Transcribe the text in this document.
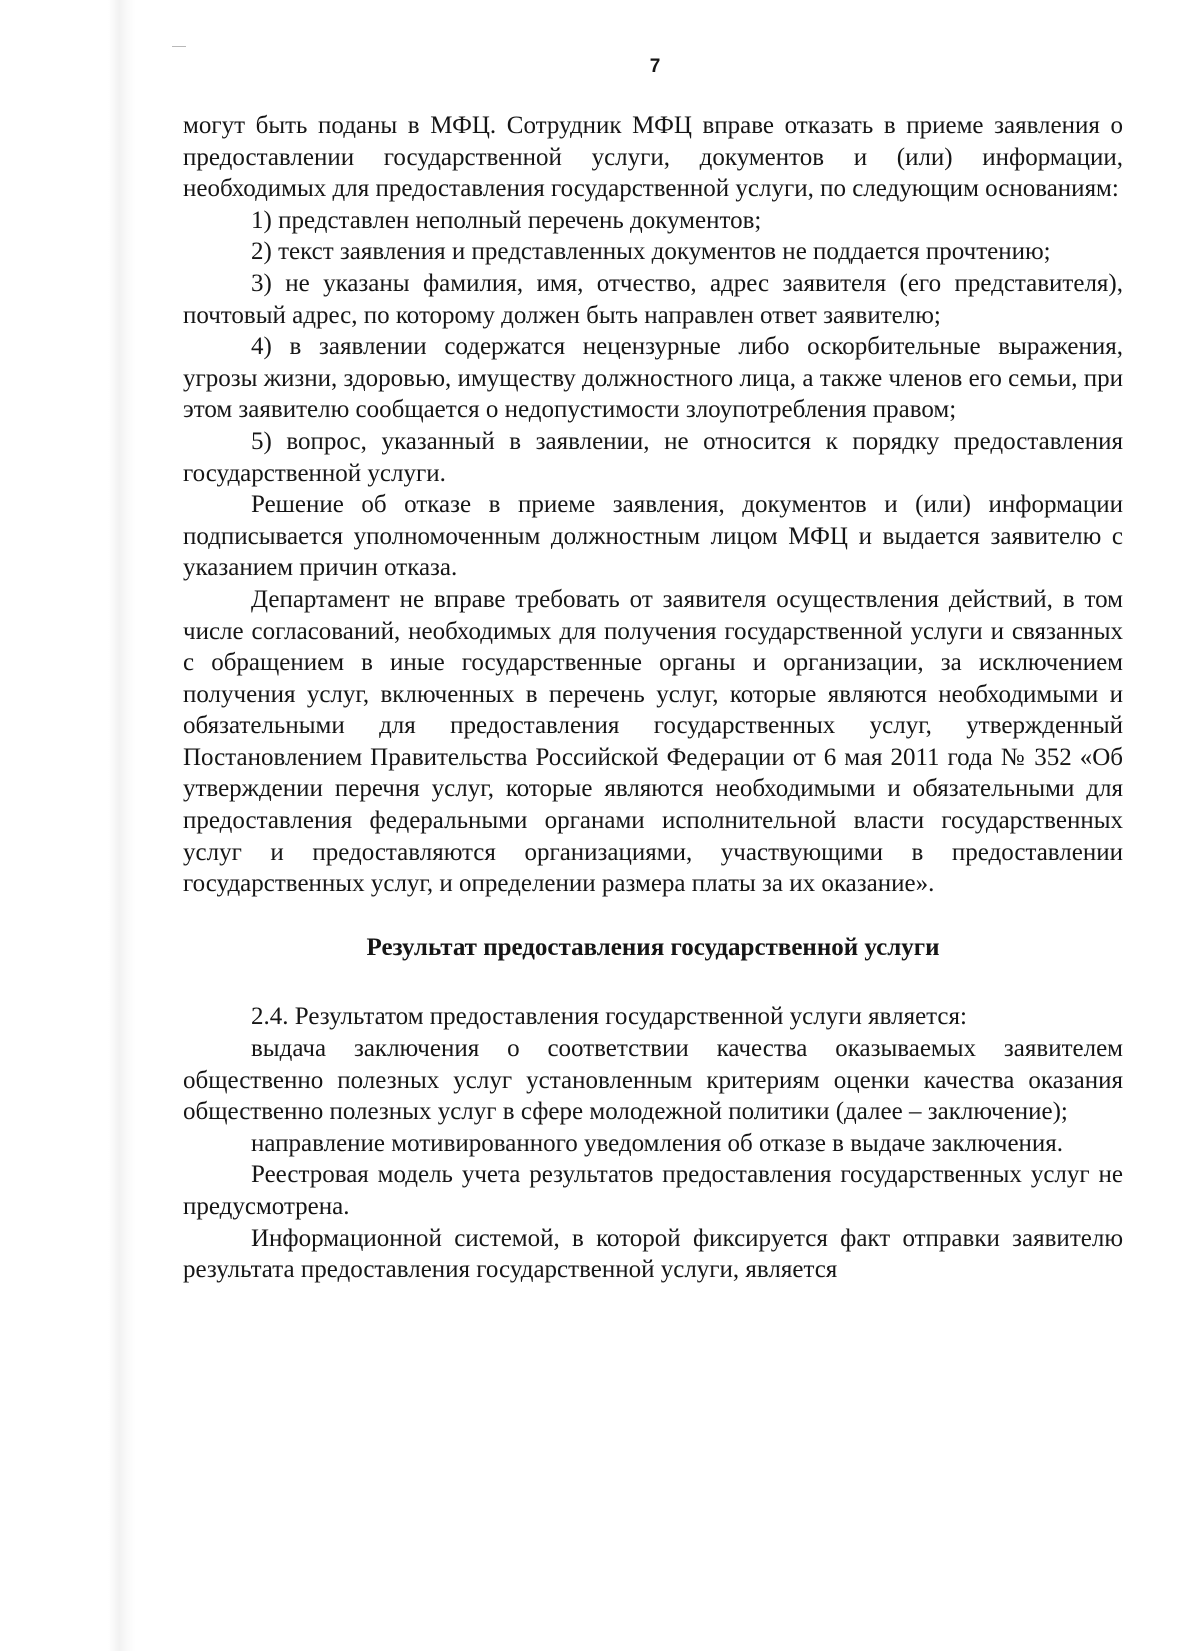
7

могут быть поданы в МФЦ. Сотрудник МФЦ вправе отказать в приеме заявления о предоставлении государственной услуги, документов и (или) информации, необходимых для предоставления государственной услуги, по следующим основаниям:

1) представлен неполный перечень документов;

2) текст заявления и представленных документов не поддается прочтению;

3) не указаны фамилия, имя, отчество, адрес заявителя (его представителя), почтовый адрес, по которому должен быть направлен ответ заявителю;

4) в заявлении содержатся нецензурные либо оскорбительные выражения, угрозы жизни, здоровью, имуществу должностного лица, а также членов его семьи, при этом заявителю сообщается о недопустимости злоупотребления правом;

5) вопрос, указанный в заявлении, не относится к порядку предоставления государственной услуги.

Решение об отказе в приеме заявления, документов и (или) информации подписывается уполномоченным должностным лицом МФЦ и выдается заявителю с указанием причин отказа.

Департамент не вправе требовать от заявителя осуществления действий, в том числе согласований, необходимых для получения государственной услуги и связанных с обращением в иные государственные органы и организации, за исключением получения услуг, включенных в перечень услуг, которые являются необходимыми и обязательными для предоставления государственных услуг, утвержденный Постановлением Правительства Российской Федерации от 6 мая 2011 года № 352 «Об утверждении перечня услуг, которые являются необходимыми и обязательными для предоставления федеральными органами исполнительной власти государственных услуг и предоставляются организациями, участвующими в предоставлении государственных услуг, и определении размера платы за их оказание».

Результат предоставления государственной услуги

2.4. Результатом предоставления государственной услуги является:

выдача заключения о соответствии качества оказываемых заявителем общественно полезных услуг установленным критериям оценки качества оказания общественно полезных услуг в сфере молодежной политики (далее – заключение);

направление мотивированного уведомления об отказе в выдаче заключения.

Реестровая модель учета результатов предоставления государственных услуг не предусмотрена.

Информационной системой, в которой фиксируется факт отправки заявителю результата предоставления государственной услуги, является
